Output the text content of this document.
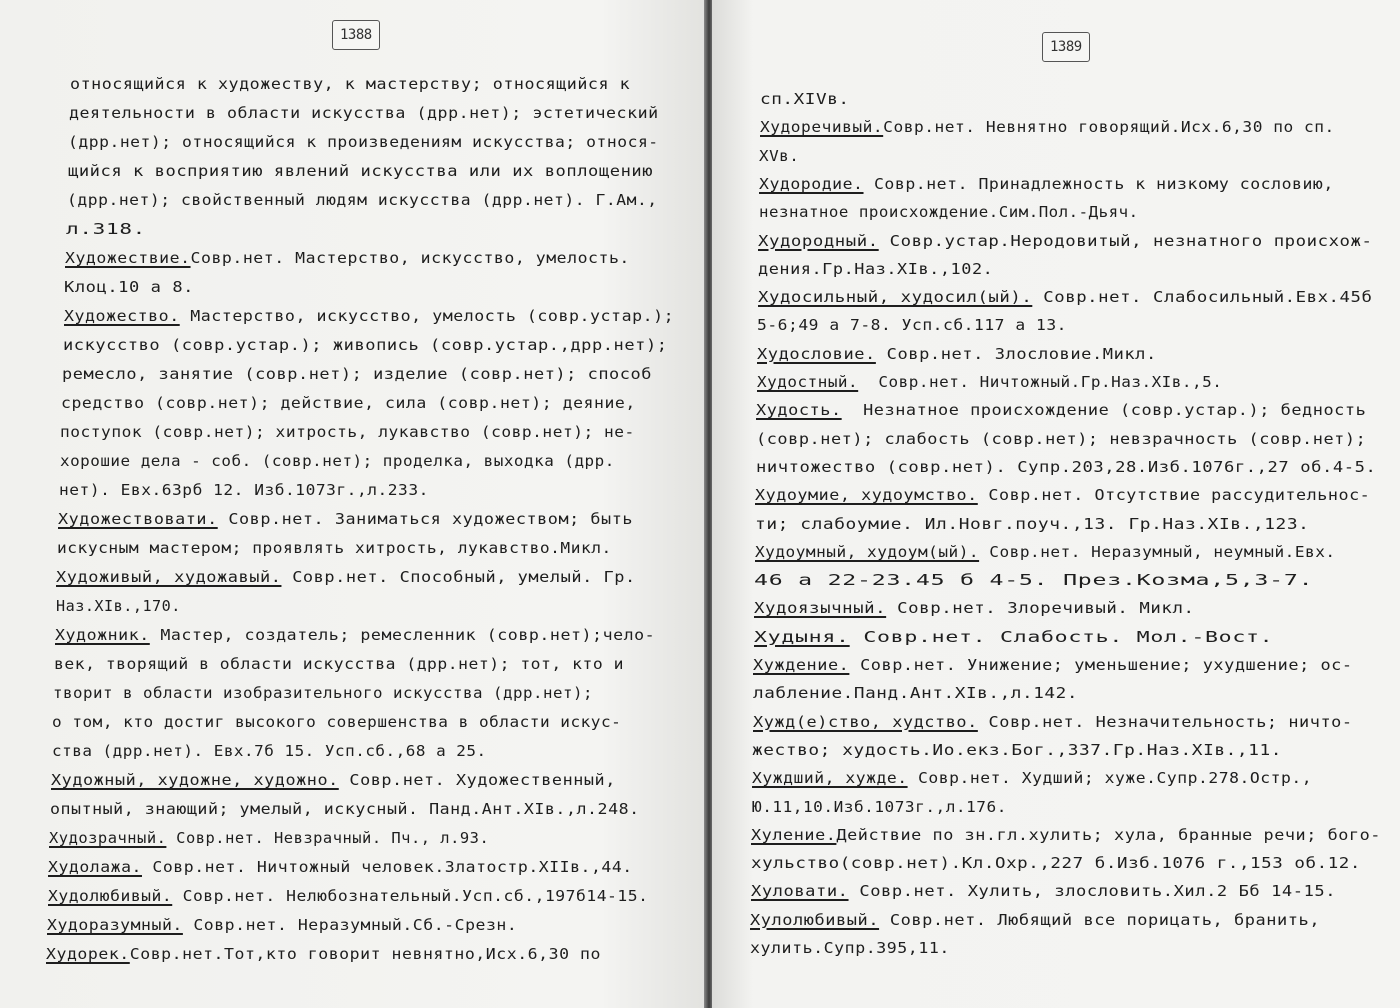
1388
относящийся к художеству, к мастерству; относящийся к
деятельности в области искусства (дрр.нет); эстетический
(дрр.нет); относящийся к произведениям искусства; относя-
щийся к восприятию явлений искусства или их воплощению
(дрр.нет); свойственный людям искусства (дрр.нет). Г.Ам.,
л.318.
Художествие.Совр.нет. Мастерство, искусство, умелость.
Клоц.10 а 8.
Художество. Мастерство, искусство, умелость (совр.устар.);
искусство (совр.устар.); живопись (совр.устар.,дрр.нет);
ремесло, занятие (совр.нет); изделие (совр.нет); способ
средство (совр.нет); действие, сила (совр.нет); деяние,
поступок (совр.нет); хитрость, лукавство (совр.нет); не-
хорошие дела - соб. (совр.нет); проделка, выходка (дрр.
нет). Евх.63рб 12. Изб.1073г.,л.233.
Художествовати. Совр.нет. Заниматься художеством; быть
искусным мастером; проявлять хитрость, лукавство.Микл.
Художивый, художавый. Совр.нет. Способный, умелый. Гр.
Наз.XIв.,170.
Художник. Мастер, создатель; ремесленник (совр.нет);чело-
век, творящий в области искусства (дрр.нет); тот, кто и
творит в области изобразительного искусства (дрр.нет);
о том, кто достиг высокого совершенства в области искус-
ства (дрр.нет). Евх.7б 15. Усп.сб.,68 а 25.
Художный, художне, художно. Совр.нет. Художественный,
опытный, знающий; умелый, искусный. Панд.Ант.XIв.,л.248.
Худозрачный. Совр.нет. Невзрачный. Пч., л.93.
Худолажа. Совр.нет. Ничтожный человек.Златостр.XIIв.,44.
Худолюбивый. Совр.нет. Нелюбознательный.Усп.сб.,197б14-15.
Худоразумный. Совр.нет. Неразумный.Сб.-Срезн.
Худорек.Совр.нет.Тот,кто говорит невнятно,Исх.6,30 по
1389
сп.XIVв.
Худоречивый.Совр.нет. Невнятно говорящий.Исх.6,30 по сп.
XVв.
Худородие. Совр.нет. Принадлежность к низкому сословию,
незнатное происхождение.Сим.Пол.-Дьяч.
Худородный. Совр.устар.Неродовитый, незнатного происхож-
дения.Гр.Наз.XIв.,102.
Худосильный, худосил(ый). Совр.нет. Слабосильный.Евх.45б
5-6;49 а 7-8. Усп.сб.117 а 13.
Худословие. Совр.нет. Злословие.Микл.
Худостный.  Совр.нет. Ничтожный.Гр.Наз.XIв.,5.
Худость.  Незнатное происхождение (совр.устар.); бедность
(совр.нет); слабость (совр.нет); невзрачность (совр.нет);
ничтожество (совр.нет). Супр.203,28.Изб.1076г.,27 об.4-5.
Худоумие, худоумство. Совр.нет. Отсутствие рассудительнос-
ти; слабоумие. Ил.Новг.поуч.,13. Гр.Наз.XIв.,123.
Худоумный, худоум(ый). Совр.нет. Неразумный, неумный.Евх.
46 а 22-23.45 б 4-5. През.Козма,5,3-7.
Худоязычный. Совр.нет. Злоречивый. Микл.
Худыня. Совр.нет. Слабость. Мол.-Вост.
Хуждение. Совр.нет. Унижение; уменьшение; ухудшение; ос-
лабление.Панд.Ант.XIв.,л.142.
Хужд(е)ство, худство. Совр.нет. Незначительность; ничто-
жество; худость.Ио.екз.Бог.,337.Гр.Наз.XIв.,11.
Хуждший, хужде. Совр.нет. Худший; хуже.Супр.278.Остр.,
Ю.11,10.Изб.1073г.,л.176.
Хуление.Действие по зн.гл.хулить; хула, бранные речи; бого-
хульство(совр.нет).Кл.Охр.,227 б.Изб.1076 г.,153 об.12.
Хуловати. Совр.нет. Хулить, злословить.Хил.2 Бб 14-15.
Хулолюбивый. Совр.нет. Любящий все порицать, бранить,
хулить.Супр.395,11.
